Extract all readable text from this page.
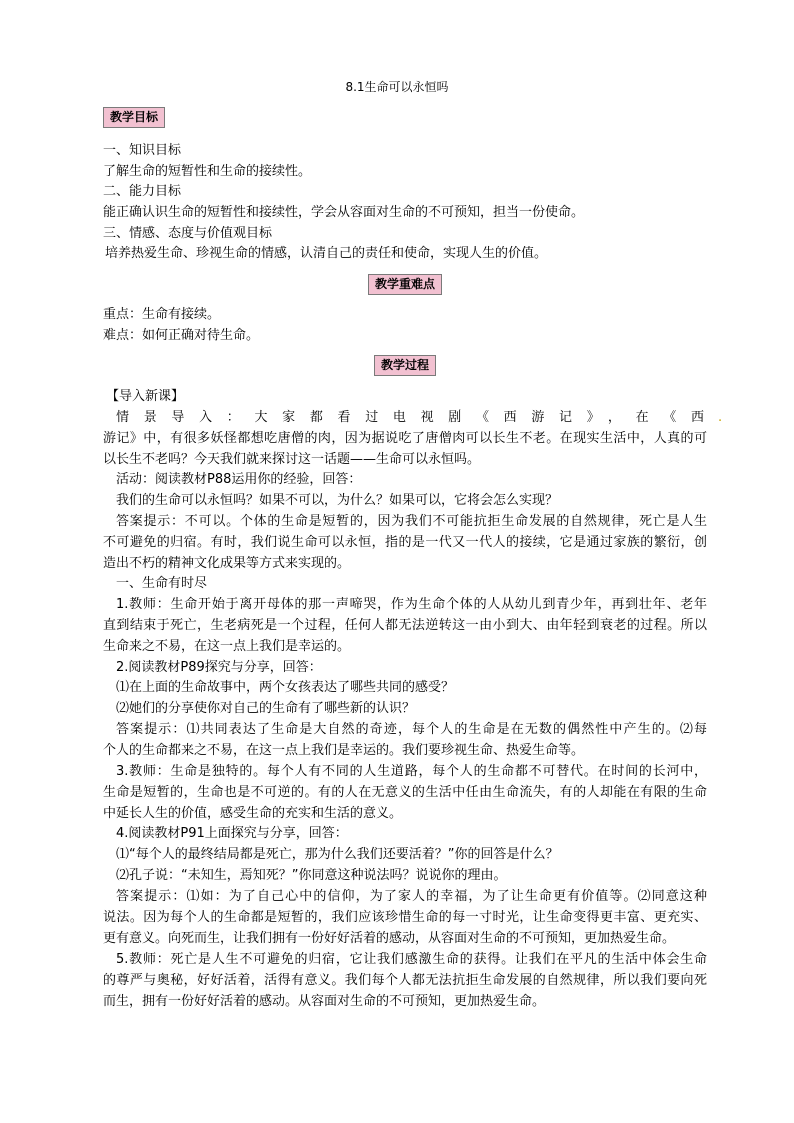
8.1生命可以永恒吗
教学目标
一、知识目标
了解生命的短暂性和生命的接续性。
二、能力目标
能正确认识生命的短暂性和接续性，学会从容面对生命的不可预知，担当一份使命。
三、情感、态度与价值观目标
培养热爱生命、珍视生命的情感，认清自己的责任和使命，实现人生的价值。
教学重难点
重点：生命有接续。
难点：如何正确对待生命。
教学过程
【导入新课】
情景导入：大家都看过电视剧《西游记》，在《西 .
游记》中，有很多妖怪都想吃唐僧的肉，因为据说吃了唐僧肉可以长生不老。在现实生活中，人真的可
以长生不老吗？今天我们就来探讨这一话题——生命可以永恒吗。
活动：阅读教材P88运用你的经验，回答：
我们的生命可以永恒吗？如果不可以，为什么？如果可以，它将会怎么实现？
答案提示：不可以。个体的生命是短暂的，因为我们不可能抗拒生命发展的自然规律，死亡是人生
不可避免的归宿。有时，我们说生命可以永恒，指的是一代又一代人的接续，它是通过家族的繁衍，创
造出不朽的精神文化成果等方式来实现的。
一、生命有时尽
1.教师：生命开始于离开母体的那一声啼哭，作为生命个体的人从幼儿到青少年，再到壮年、老年
直到结束于死亡，生老病死是一个过程，任何人都无法逆转这一由小到大、由年轻到衰老的过程。所以
生命来之不易，在这一点上我们是幸运的。
2.阅读教材P89探究与分享，回答：
⑴在上面的生命故事中，两个女孩表达了哪些共同的感受？
⑵她们的分享使你对自己的生命有了哪些新的认识？
答案提示：⑴共同表达了生命是大自然的奇迹，每个人的生命是在无数的偶然性中产生的。⑵每
个人的生命都来之不易，在这一点上我们是幸运的。我们要珍视生命、热爱生命等。
3.教师：生命是独特的。每个人有不同的人生道路，每个人的生命都不可替代。在时间的长河中，
生命是短暂的，生命也是不可逆的。有的人在无意义的生活中任由生命流失，有的人却能在有限的生命
中延长人生的价值，感受生命的充实和生活的意义。
4.阅读教材P91上面探究与分享，回答：
⑴“每个人的最终结局都是死亡，那为什么我们还要活着？”你的回答是什么？
⑵孔子说：“未知生，焉知死？”你同意这种说法吗？说说你的理由。
答案提示：⑴如：为了自己心中的信仰，为了家人的幸福，为了让生命更有价值等。⑵同意这种
说法。因为每个人的生命都是短暂的，我们应该珍惜生命的每一寸时光，让生命变得更丰富、更充实、
更有意义。向死而生，让我们拥有一份好好活着的感动，从容面对生命的不可预知，更加热爱生命。
5.教师：死亡是人生不可避免的归宿，它让我们感激生命的获得。让我们在平凡的生活中体会生命
的尊严与奥秘，好好活着，活得有意义。我们每个人都无法抗拒生命发展的自然规律，所以我们要向死
而生，拥有一份好好活着的感动。从容面对生命的不可预知，更加热爱生命。
